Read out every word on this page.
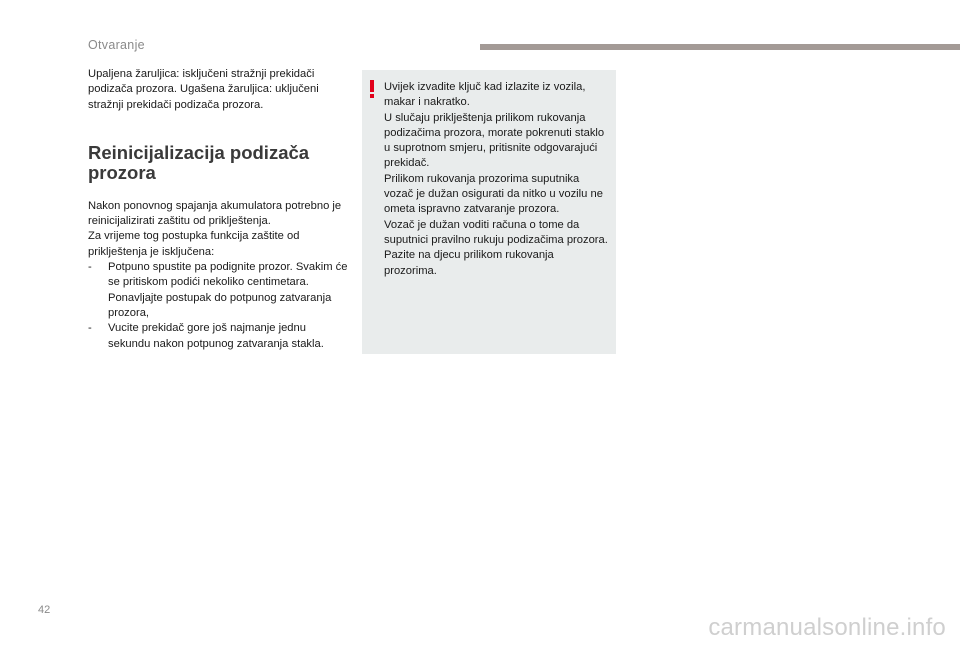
Otvaranje

Upaljena žaruljica: isključeni stražnji prekidači podizača prozora. Ugašena žaruljica: uključeni stražnji prekidači podizača prozora.

Reinicijalizacija podizača
prozora

Nakon ponovnog spajanja akumulatora potrebno je reinicijalizirati zaštitu od priklještenja.

Za vrijeme tog postupka funkcija zaštite od priklještenja je isključena:

- Potpuno spustite pa podignite prozor. Svakim će se pritiskom podići nekoliko centimetara. Ponavljajte postupak do potpunog zatvaranja prozora,
- Vucite prekidač gore još najmanje jednu sekundu nakon potpunog zatvaranja stakla.

Uvijek izvadite ključ kad izlazite iz vozila, makar i nakratko.
U slučaju priklještenja prilikom rukovanja podizačima prozora, morate pokrenuti staklo u suprotnom smjeru, pritisnite odgovarajući prekidač.
Prilikom rukovanja prozorima suputnika vozač je dužan osigurati da nitko u vozilu ne ometa ispravno zatvaranje prozora.
Vozač je dužan voditi računa o tome da suputnici pravilno rukuju podizačima prozora.
Pazite na djecu prilikom rukovanja prozorima.

42
carmanualsonline.info
